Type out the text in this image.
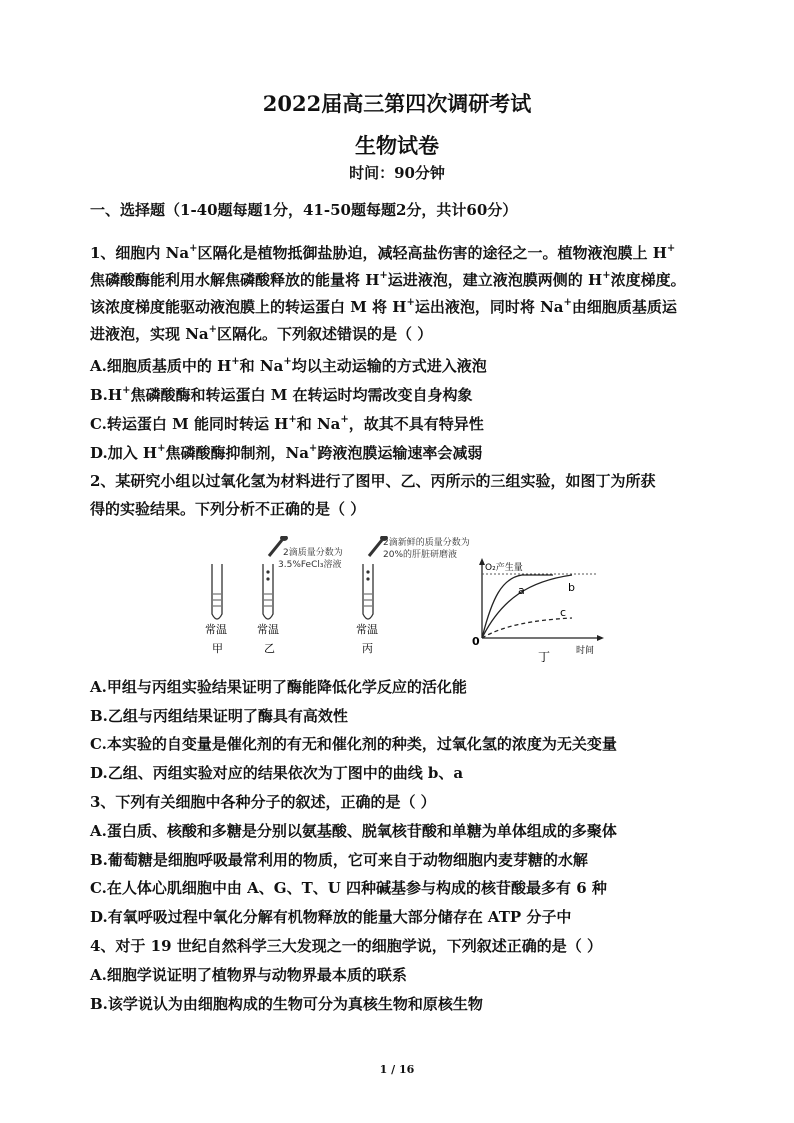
2022届高三第四次调研考试
生物试卷
时间：90分钟
一、选择题（1-40题每题1分，41-50题每题2分，共计60分）
1、细胞内 Na+区隔化是植物抵御盐胁迫，减轻高盐伤害的途径之一。植物液泡膜上 H+
焦磷酸酶能利用水解焦磷酸释放的能量将 H+运进液泡，建立液泡膜两侧的 H+浓度梯度。
该浓度梯度能驱动液泡膜上的转运蛋白 M 将 H+运出液泡，同时将 Na+由细胞质基质运
进液泡，实现 Na+区隔化。下列叙述错误的是（ ）
A.细胞质基质中的 H+和 Na+均以主动运输的方式进入液泡
B.H+焦磷酸酶和转运蛋白 M 在转运时均需改变自身构象
C.转运蛋白 M 能同时转运 H+和 Na+，故其不具有特异性
D.加入 H+焦磷酸酶抑制剂，Na+跨液泡膜运输速率会减弱
2、某研究小组以过氧化氢为材料进行了图甲、乙、丙所示的三组实验，如图丁为所获
得的实验结果。下列分析不正确的是（ ）
常温
甲
2滴质量分数为
3.5%FeCl₃溶液
常温
乙
2滴新鲜的质量分数为
20%的肝脏研磨液
常温
丙
O₂产生量
a	b
c
0
丁	时间
A.甲组与丙组实验结果证明了酶能降低化学反应的活化能
B.乙组与丙组结果证明了酶具有高效性
C.本实验的自变量是催化剂的有无和催化剂的种类，过氧化氢的浓度为无关变量
D.乙组、丙组实验对应的结果依次为丁图中的曲线 b、a
3、下列有关细胞中各种分子的叙述，正确的是（ ）
A.蛋白质、核酸和多糖是分别以氨基酸、脱氧核苷酸和单糖为单体组成的多聚体
B.葡萄糖是细胞呼吸最常利用的物质，它可来自于动物细胞内麦芽糖的水解
C.在人体心肌细胞中由 A、G、T、U 四种碱基参与构成的核苷酸最多有 6 种
D.有氧呼吸过程中氧化分解有机物释放的能量大部分储存在 ATP 分子中
4、对于 19 世纪自然科学三大发现之一的细胞学说，下列叙述正确的是（ ）
A.细胞学说证明了植物界与动物界最本质的联系
B.该学说认为由细胞构成的生物可分为真核生物和原核生物
1 / 16
